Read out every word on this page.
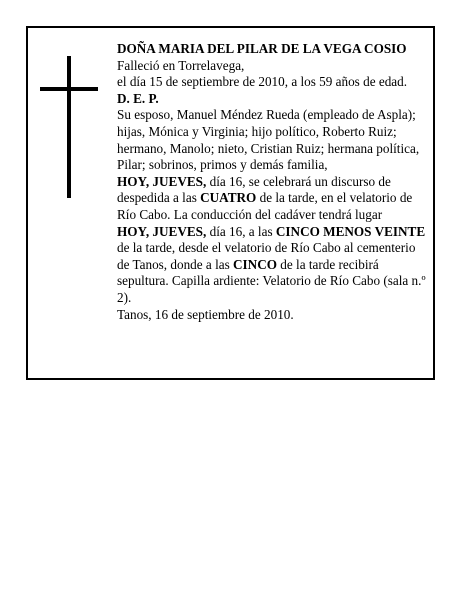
DOÑA MARIA DEL PILAR DE LA VEGA COSIO

Falleció en Torrelavega,

el día 15 de septiembre de 2010, a los 59 años de edad.

D. E. P.

Su esposo, Manuel Méndez Rueda (empleado de Aspla); hijas, Mónica y Virginia; hijo político, Roberto Ruiz; hermano, Manolo; nieto, Cristian Ruiz; hermana política, Pilar; sobrinos, primos y demás familia,

HOY, JUEVES, día 16, se celebrará un discurso de despedida a las CUATRO de la tarde, en el velatorio de Río Cabo. La conducción del cadáver tendrá lugar

HOY, JUEVES, día 16, a las CINCO MENOS VEINTE de la tarde, desde el velatorio de Río Cabo al cementerio de Tanos, donde a las CINCO de la tarde recibirá sepultura. Capilla ardiente: Velatorio de Río Cabo (sala n.º 2).

Tanos, 16 de septiembre de 2010.
